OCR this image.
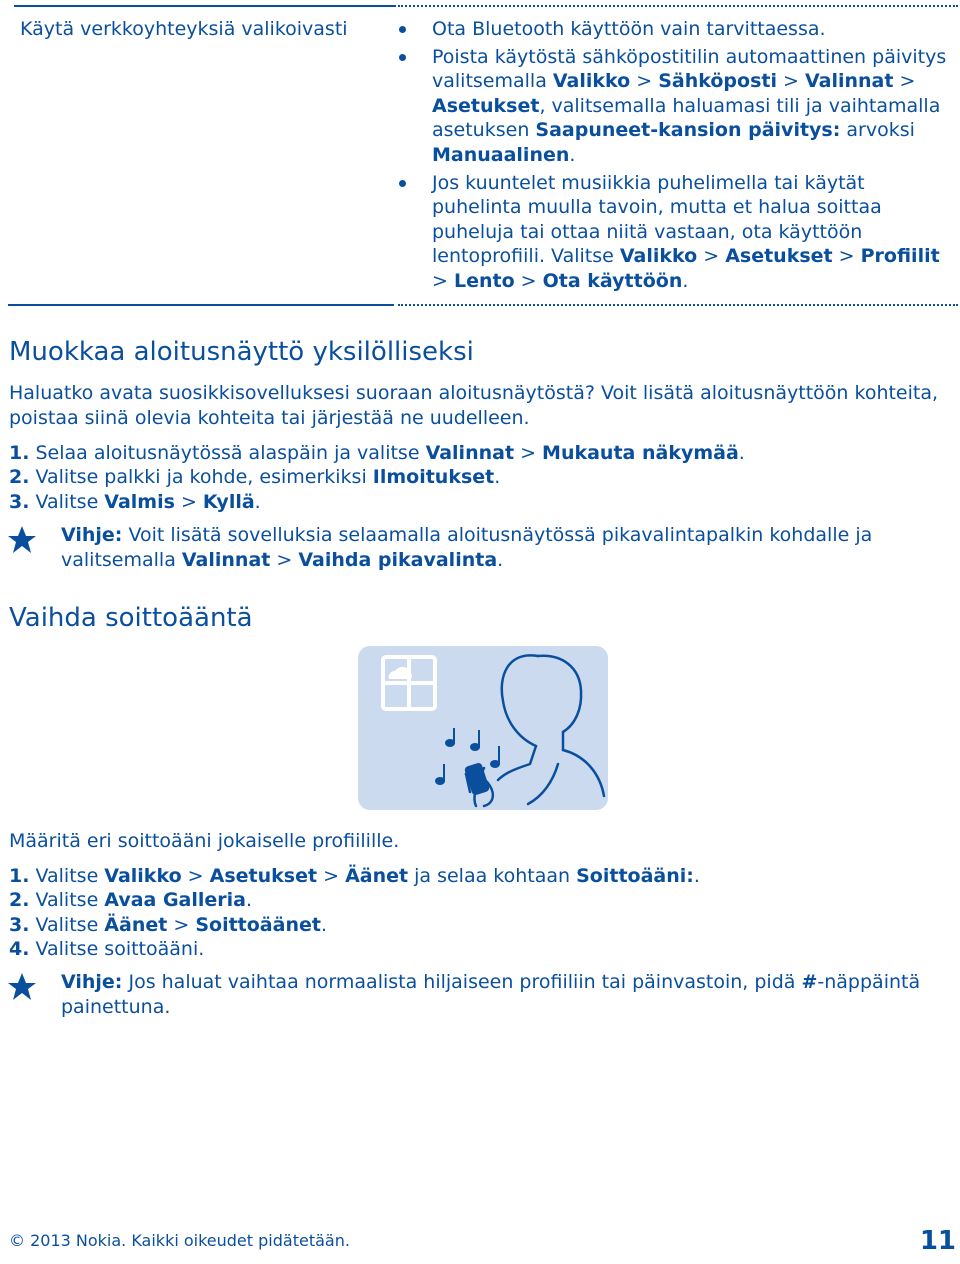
Käytä verkkoyhteyksiä valikoivasti	Ota Bluetooth käyttöön vain tarvittaessa.
Poista käytöstä sähköpostitilin automaattinen päivitys valitsemalla Valikko > Sähköposti > Valinnat > Asetukset, valitsemalla haluamasi tili ja vaihtamalla asetuksen Saapuneet-kansion päivitys: arvoksi Manuaalinen.
Jos kuuntelet musiikkia puhelimella tai käytät puhelinta muulla tavoin, mutta et halua soittaa puheluja tai ottaa niitä vastaan, ota käyttöön lentoprofiili. Valitse Valikko > Asetukset > Profiilit > Lento > Ota käyttöön.
Muokkaa aloitusnäyttö yksilölliseksi

Haluatko avata suosikkisovelluksesi suoraan aloitusnäytöstä? Voit lisätä aloitusnäyttöön kohteita, poistaa siinä olevia kohteita tai järjestää ne uudelleen.

1. Selaa aloitusnäytössä alaspäin ja valitse Valinnat > Mukauta näkymää.
2. Valitse palkki ja kohde, esimerkiksi Ilmoitukset.
3. Valitse Valmis > Kyllä.
Vihje: Voit lisätä sovelluksia selaamalla aloitusnäytössä pikavalintapalkin kohdalle ja valitsemalla Valinnat > Vaihda pikavalinta.
Vaihda soittoääntä

Määritä eri soittoääni jokaiselle profiilille.

1. Valitse Valikko > Asetukset > Äänet ja selaa kohtaan Soittoääni:.
2. Valitse Avaa Galleria.
3. Valitse Äänet > Soittoäänet.
4. Valitse soittoääni.
Vihje: Jos haluat vaihtaa normaalista hiljaiseen profiiliin tai päinvastoin, pidä #-näppäintä painettuna.
© 2013 Nokia. Kaikki oikeudet pidätetään.	11
